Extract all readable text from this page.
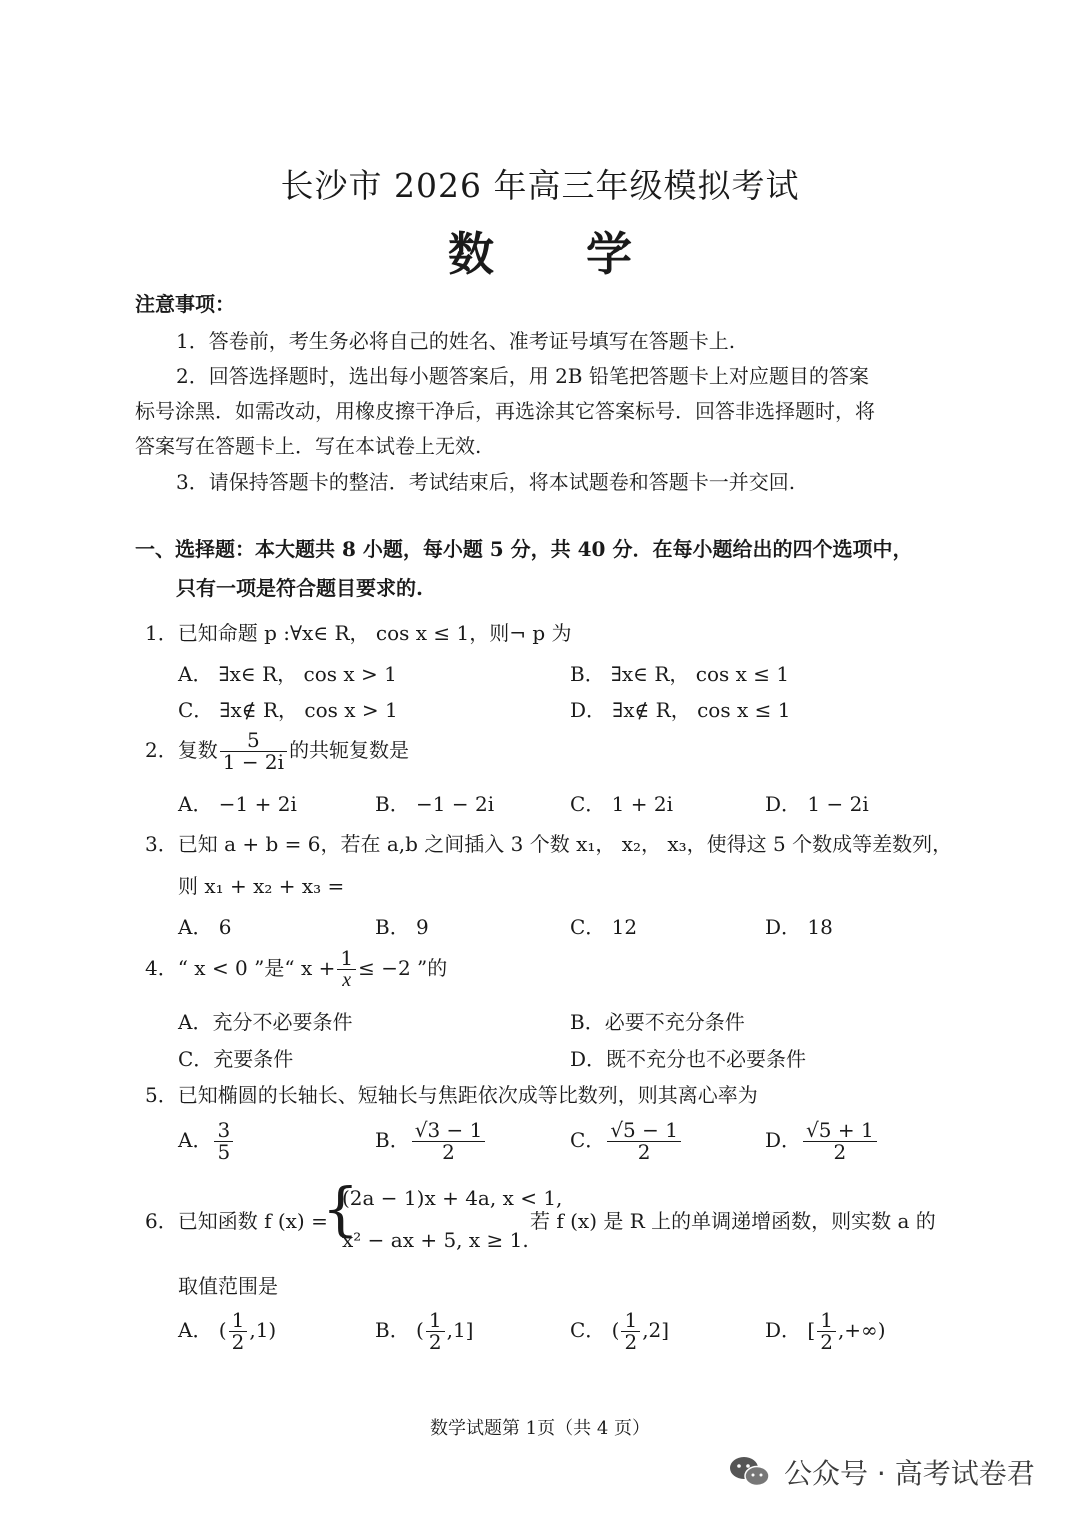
长沙市 2026 年高三年级模拟考试
数　　学
注意事项：
1．答卷前，考生务必将自己的姓名、准考证号填写在答题卡上.
2．回答选择题时，选出每小题答案后，用 2B 铅笔把答题卡上对应题目的答案
标号涂黑．如需改动，用橡皮擦干净后，再选涂其它答案标号．回答非选择题时，将
答案写在答题卡上．写在本试卷上无效.
3．请保持答题卡的整洁．考试结束后，将本试题卷和答题卡一并交回.
一、选择题：本大题共 8 小题，每小题 5 分，共 40 分．在每小题给出的四个选项中，
只有一项是符合题目要求的.
1．已知命题 p :∀x∈ R， cos x ≤ 1，则¬ p 为
A． ∃x∈ R， cos x > 1	B． ∃x∈ R， cos x ≤ 1
C． ∃x∉ R， cos x > 1	D． ∃x∉ R， cos x ≤ 1
2．复数 $\frac{5}{1 - 2i}$ 的共轭复数是
A． −1 + 2i	B． −1 − 2i	C． 1 + 2i	D． 1 − 2i
3．已知 a + b = 6，若在 a,b 之间插入 3 个数 x₁， x₂， x₃，使得这 5 个数成等差数列，
则 x₁ + x₂ + x₃ =
A． 6	B． 9	C． 12	D． 18
4．“ x < 0 ”是“ $x + \frac{1}{x} \le -2$ ”的
A．充分不必要条件	B．必要不充分条件
C．充要条件	D．既不充分也不必要条件
5．已知椭圆的长轴长、短轴长与焦距依次成等比数列，则其离心率为
A． $\frac{3}{5}$	B． $\frac{√3 - 1}{2}$	C． $\frac{√5 - 1}{2}$	D． $\frac{√5 + 1}{2}$
6．已知函数 f (x) =
{
(2a − 1)x + 4a, x < 1,
x² − ax + 5, x ≥ 1.
若 f (x) 是 R 上的单调递增函数，则实数 a 的
取值范围是
A． ( $\frac{1}{2} ,1$)	B． ( $\frac{1}{2} ,1$]	C． ( $\frac{1}{2} ,2$]	D． [ $\frac{1}{2}$ ,+∞)
数学试题第 1页（共 4 页）
公众号 · 高考试卷君
